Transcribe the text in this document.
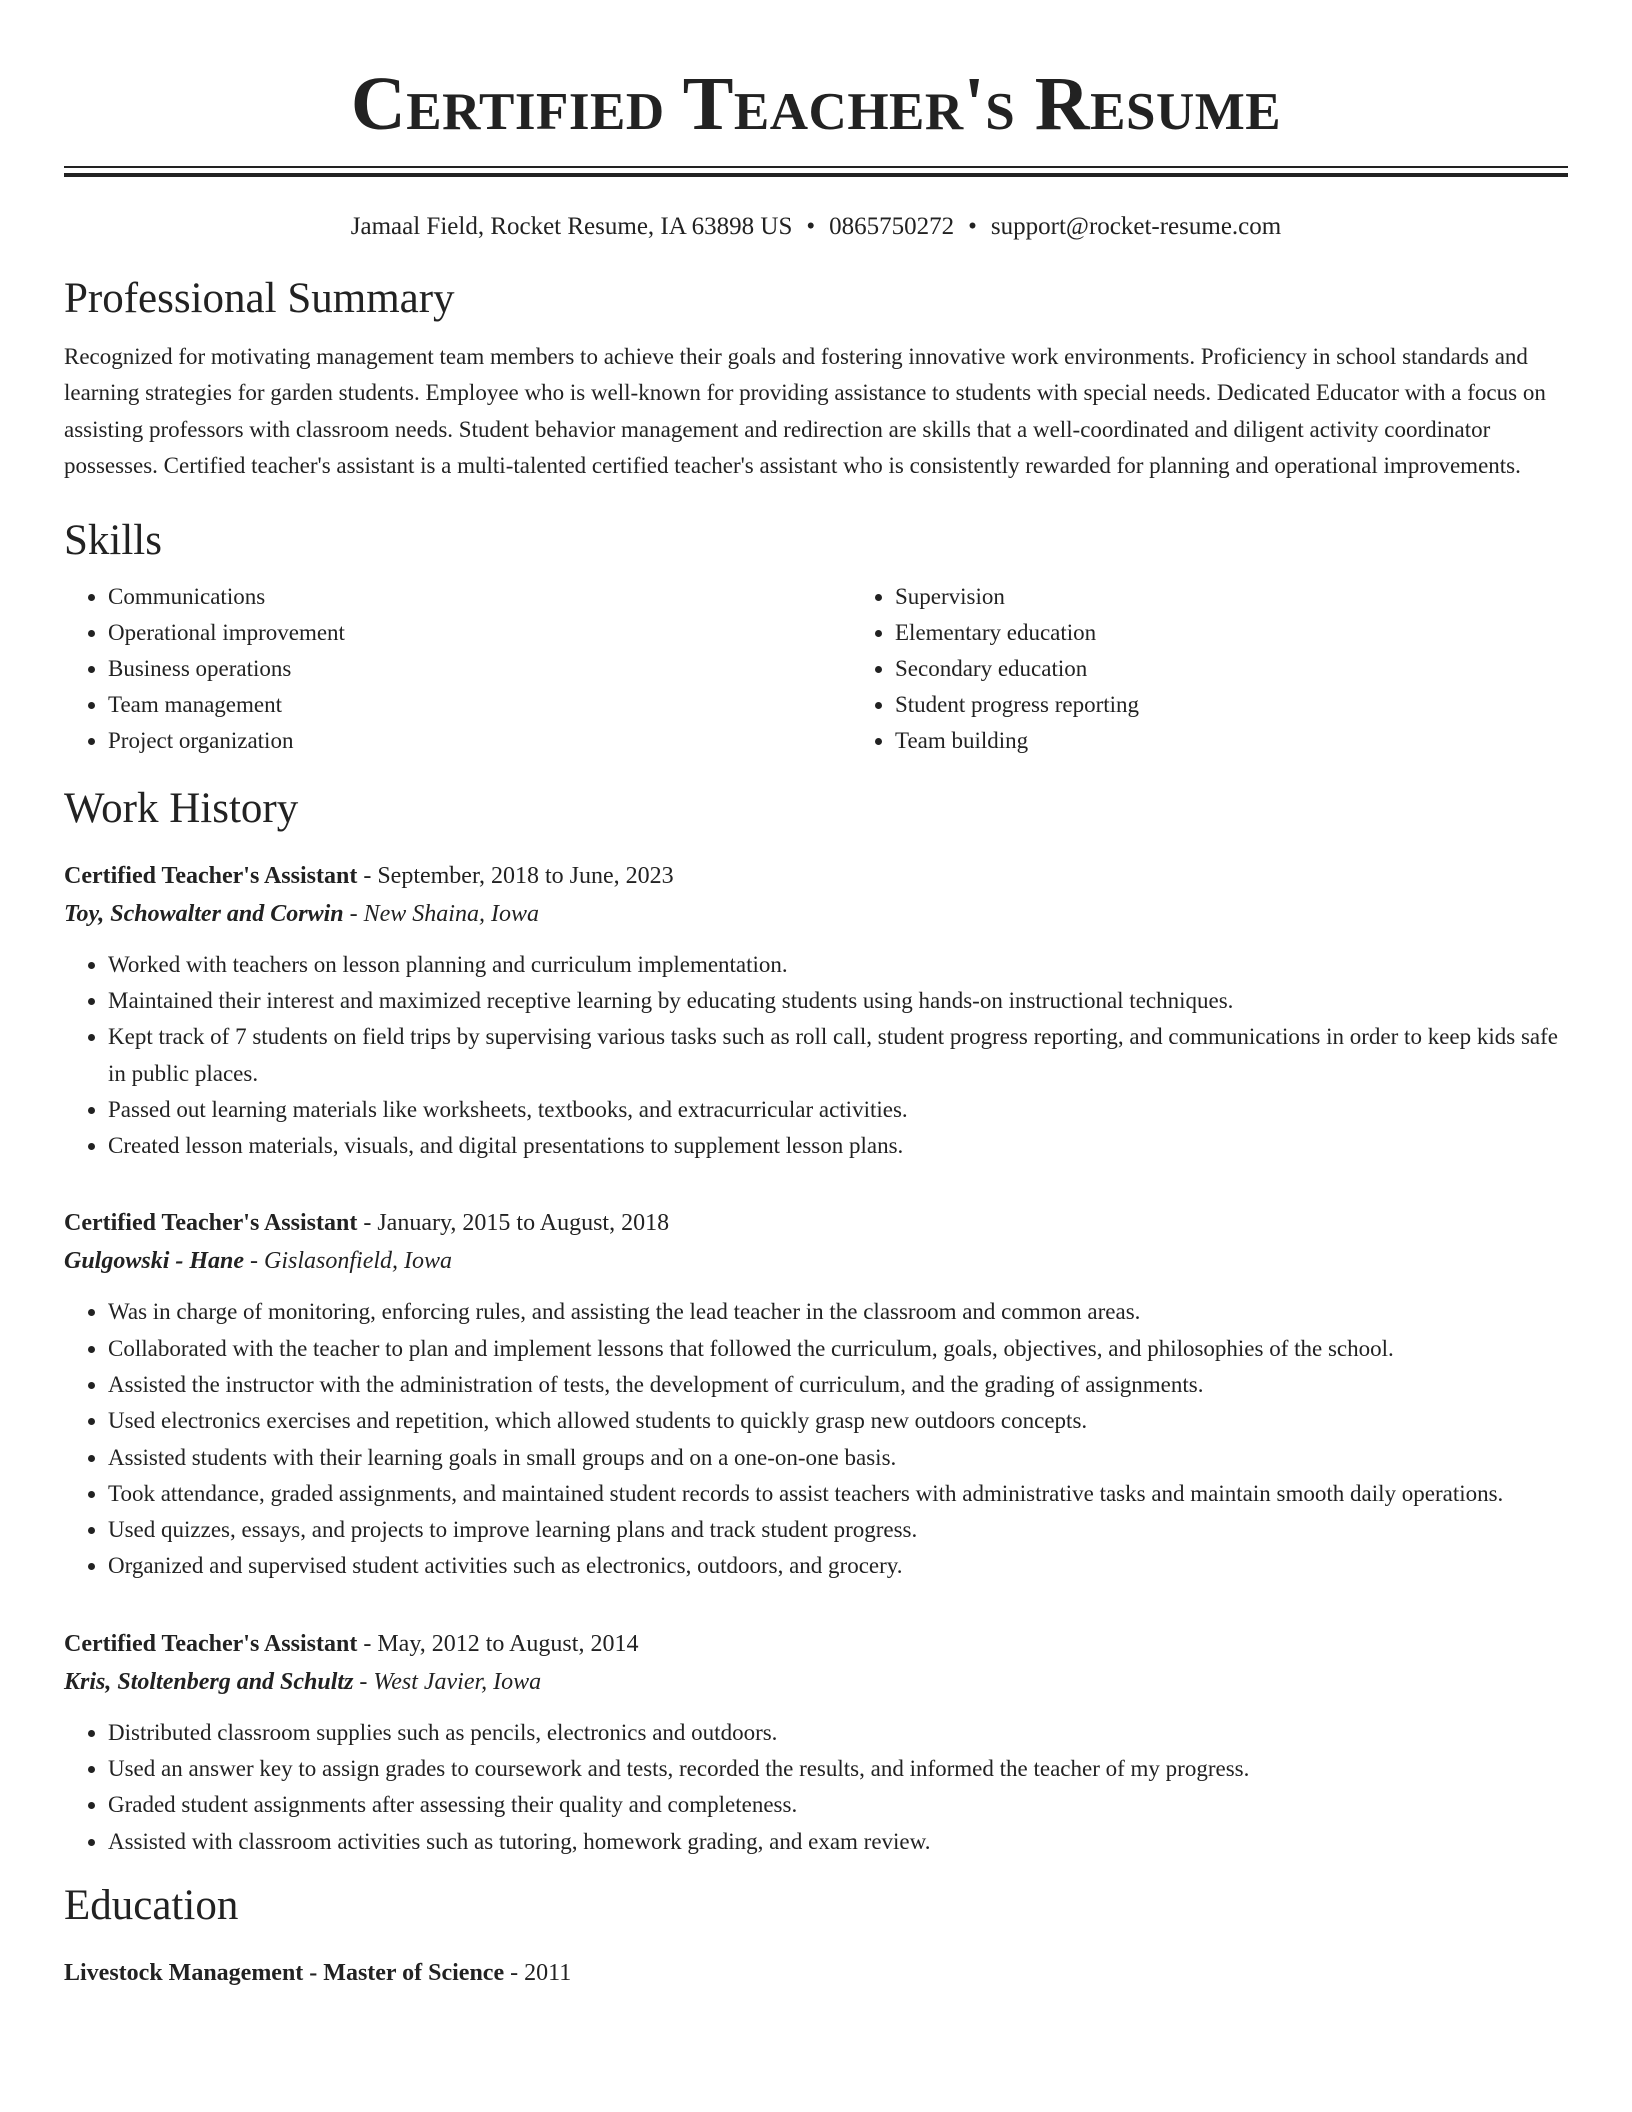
Certified Teacher's Resume
Jamaal Field, Rocket Resume, IA 63898 US • 0865750272 • support@rocket-resume.com
Professional Summary
Recognized for motivating management team members to achieve their goals and fostering innovative work environments. Proficiency in school standards and learning strategies for garden students. Employee who is well-known for providing assistance to students with special needs. Dedicated Educator with a focus on assisting professors with classroom needs. Student behavior management and redirection are skills that a well-coordinated and diligent activity coordinator possesses. Certified teacher's assistant is a multi-talented certified teacher's assistant who is consistently rewarded for planning and operational improvements.
Skills
• Communications
• Operational improvement
• Business operations
• Team management
• Project organization
• Supervision
• Elementary education
• Secondary education
• Student progress reporting
• Team building
Work History
Certified Teacher's Assistant - September, 2018 to June, 2023
Toy, Schowalter and Corwin - New Shaina, Iowa
• Worked with teachers on lesson planning and curriculum implementation.
• Maintained their interest and maximized receptive learning by educating students using hands-on instructional techniques.
• Kept track of 7 students on field trips by supervising various tasks such as roll call, student progress reporting, and communications in order to keep kids safe in public places.
• Passed out learning materials like worksheets, textbooks, and extracurricular activities.
• Created lesson materials, visuals, and digital presentations to supplement lesson plans.
Certified Teacher's Assistant - January, 2015 to August, 2018
Gulgowski - Hane - Gislasonfield, Iowa
• Was in charge of monitoring, enforcing rules, and assisting the lead teacher in the classroom and common areas.
• Collaborated with the teacher to plan and implement lessons that followed the curriculum, goals, objectives, and philosophies of the school.
• Assisted the instructor with the administration of tests, the development of curriculum, and the grading of assignments.
• Used electronics exercises and repetition, which allowed students to quickly grasp new outdoors concepts.
• Assisted students with their learning goals in small groups and on a one-on-one basis.
• Took attendance, graded assignments, and maintained student records to assist teachers with administrative tasks and maintain smooth daily operations.
• Used quizzes, essays, and projects to improve learning plans and track student progress.
• Organized and supervised student activities such as electronics, outdoors, and grocery.
Certified Teacher's Assistant - May, 2012 to August, 2014
Kris, Stoltenberg and Schultz - West Javier, Iowa
• Distributed classroom supplies such as pencils, electronics and outdoors.
• Used an answer key to assign grades to coursework and tests, recorded the results, and informed the teacher of my progress.
• Graded student assignments after assessing their quality and completeness.
• Assisted with classroom activities such as tutoring, homework grading, and exam review.
Education
Livestock Management - Master of Science - 2011
